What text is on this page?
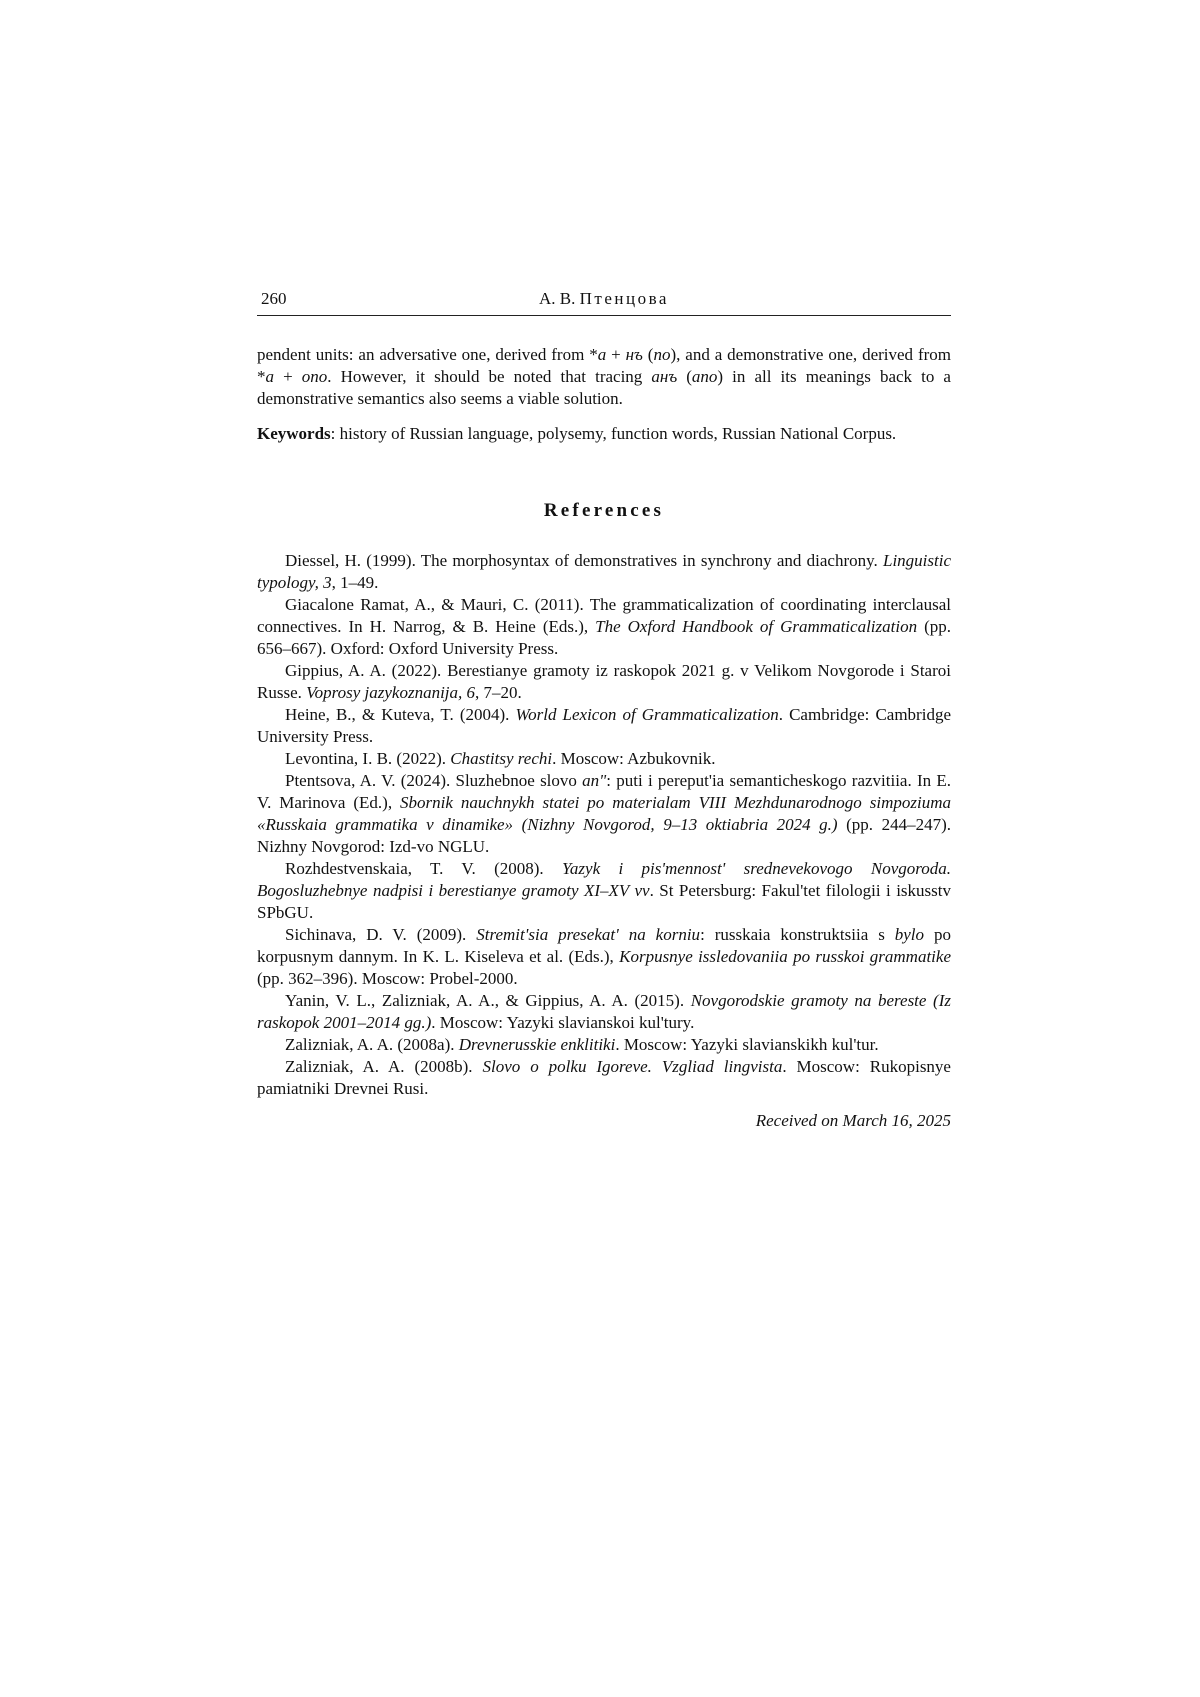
260	А. В. Птенцова

pendent units: an adversative one, derived from *a + нъ (no), and a demonstrative one, derived from *a + ono. However, it should be noted that tracing анъ (ano) in all its meanings back to a demonstrative semantics also seems a viable solution.

Keywords: history of Russian language, polysemy, function words, Russian National Corpus.

References

Diessel, H. (1999). The morphosyntax of demonstratives in synchrony and diachrony. Linguistic typology, 3, 1–49.

Giacalone Ramat, A., & Mauri, C. (2011). The grammaticalization of coordinating interclausal connectives. In H. Narrog, & B. Heine (Eds.), The Oxford Handbook of Grammaticalization (pp. 656–667). Oxford: Oxford University Press.

Gippius, A. A. (2022). Berestianye gramoty iz raskopok 2021 g. v Velikom Novgorode i Staroi Russe. Voprosy jazykoznanija, 6, 7–20.

Heine, B., & Kuteva, T. (2004). World Lexicon of Grammaticalization. Cambridge: Cambridge University Press.

Levontina, I. B. (2022). Chastitsy rechi. Moscow: Azbukovnik.

Ptentsova, A. V. (2024). Sluzhebnoe slovo an": puti i pereput'ia semanticheskogo razvitiia. In E. V. Marinova (Ed.), Sbornik nauchnykh statei po materialam VIII Mezhdunarodnogo simpoziuma «Russkaia grammatika v dinamike» (Nizhny Novgorod, 9–13 oktiabria 2024 g.) (pp. 244–247). Nizhny Novgorod: Izd-vo NGLU.

Rozhdestvenskaia, T. V. (2008). Yazyk i pis'mennost' srednevekovogo Novgoroda. Bogosluzhebnye nadpisi i berestianye gramoty XI–XV vv. St Petersburg: Fakul'tet filologii i iskusstv SPbGU.

Sichinava, D. V. (2009). Stremit'sia presekat' na korniu: russkaia konstruktsiia s bylo po korpusnym dannym. In K. L. Kiseleva et al. (Eds.), Korpusnye issledovaniia po russkoi grammatike (pp. 362–396). Moscow: Probel-2000.

Yanin, V. L., Zalizniak, A. A., & Gippius, A. A. (2015). Novgorodskie gramoty na bereste (Iz raskopok 2001–2014 gg.). Moscow: Yazyki slavianskoi kul'tury.

Zalizniak, A. A. (2008a). Drevnerusskie enklitiki. Moscow: Yazyki slavianskikh kul'tur.

Zalizniak, A. A. (2008b). Slovo o polku Igoreve. Vzgliad lingvista. Moscow: Rukopisnye pamiatniki Drevnei Rusi.

Received on March 16, 2025
